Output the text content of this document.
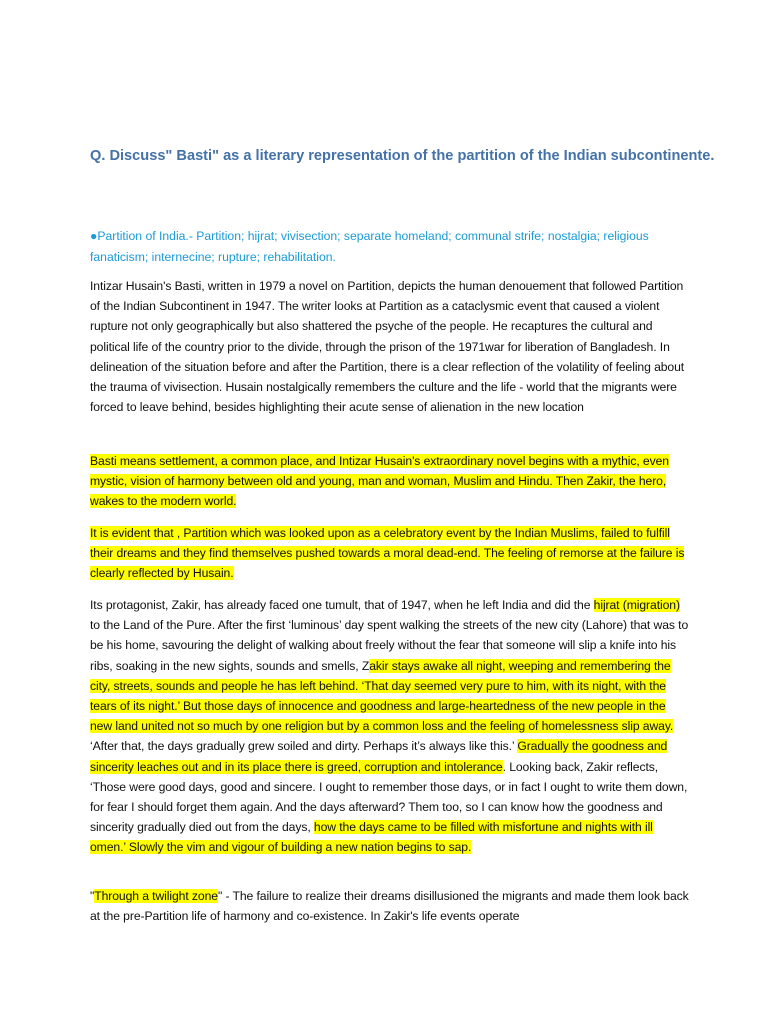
Q. Discuss" Basti" as a literary representation of the partition of the Indian subcontinente.
●Partition of India.- Partition; hijrat; vivisection; separate homeland; communal strife; nostalgia; religious fanaticism; internecine; rupture; rehabilitation.
Intizar Husain's Basti, written in 1979 a novel on Partition, depicts the human denouement that followed Partition of the Indian Subcontinent in 1947. The writer looks at Partition as a cataclysmic event that caused a violent rupture not only geographically but also shattered the psyche of the people. He recaptures the cultural and political life of the country prior to the divide, through the prison of the 1971war for liberation of Bangladesh. In delineation of the situation before and after the Partition, there is a clear reflection of the volatility of feeling about the trauma of vivisection. Husain nostalgically remembers the culture and the life - world that the migrants were forced to leave behind, besides highlighting their acute sense of alienation in the new location
Basti means settlement, a common place, and Intizar Husain's extraordinary novel begins with a mythic, even mystic, vision of harmony between old and young, man and woman, Muslim and Hindu. Then Zakir, the hero, wakes to the modern world.
It is evident that , Partition which was looked upon as a celebratory event by the Indian Muslims, failed to fulfill their dreams and they find themselves pushed towards a moral dead-end. The feeling of remorse at the failure is clearly reflected by Husain.
Its protagonist, Zakir, has already faced one tumult, that of 1947, when he left India and did the hijrat (migration) to the Land of the Pure. After the first ‘luminous’ day spent walking the streets of the new city (Lahore) that was to be his home, savouring the delight of walking about freely without the fear that someone will slip a knife into his ribs, soaking in the new sights, sounds and smells, Zakir stays awake all night, weeping and remembering the city, streets, sounds and people he has left behind. ‘That day seemed very pure to him, with its night, with the tears of its night.’ But those days of innocence and goodness and large-heartedness of the new people in the new land united not so much by one religion but by a common loss and the feeling of homelessness slip away. ‘After that, the days gradually grew soiled and dirty. Perhaps it’s always like this.’ Gradually the goodness and sincerity leaches out and in its place there is greed, corruption and intolerance. Looking back, Zakir reflects, ‘Those were good days, good and sincere. I ought to remember those days, or in fact I ought to write them down, for fear I should forget them again. And the days afterward? Them too, so I can know how the goodness and sincerity gradually died out from the days, how the days came to be filled with misfortune and nights with ill omen.’ Slowly the vim and vigour of building a new nation begins to sap.
"Through a twilight zone" - The failure to realize their dreams disillusioned the migrants and made them look back at the pre-Partition life of harmony and co-existence. In Zakir's life events operate
